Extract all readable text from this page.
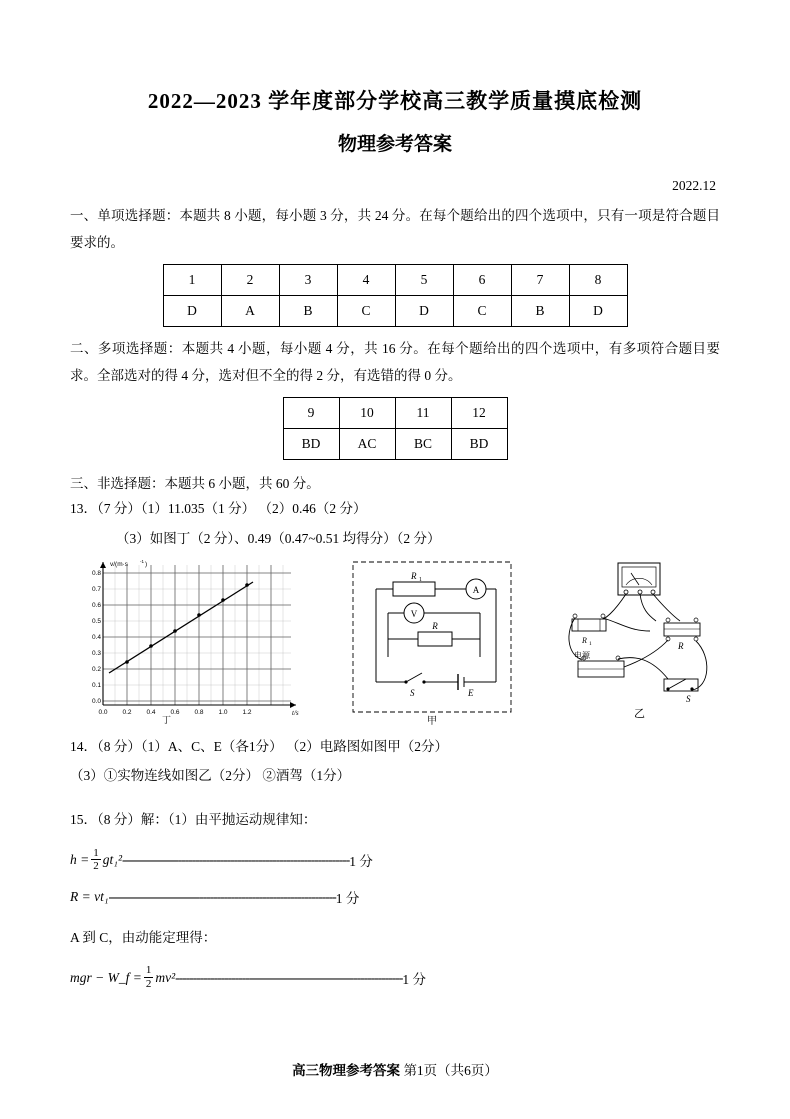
2022—2023 学年度部分学校高三教学质量摸底检测
物理参考答案
2022.12
一、单项选择题：本题共 8 小题，每小题 3 分，共 24 分。在每个题给出的四个选项中，只有一项是符合题目要求的。
1	2	3	4	5	6	7	8
D	A	B	C	D	C	B	D
二、多项选择题：本题共 4 小题，每小题 4 分，共 16 分。在每个题给出的四个选项中，有多项符合题目要求。全部选对的得 4 分，选对但不全的得 2 分，有选错的得 0 分。
9	10	11	12
BD	AC	BC	BD
三、非选择题：本题共 6 小题，共 60 分。
13．（7 分）（1）11.035（1 分） （2）0.46（2 分）
（3）如图丁（2 分）、0.49（0.47~0.51 均得分）（2 分）
0.8
0.7
0.6
0.5
0.4
0.3
0.2
0.1
0.0
0.0 0.2 0.4 0.6 0.8 1.0 1.2
v/(m·s	-1 )
t/s
丁
R 1
A
V
R
S	E
甲
R 1	R
电源
S
乙
14．（8 分）（1）A、C、E（各1分） （2）电路图如图甲（2分）
（3）①实物连线如图乙（2分） ②酒驾（1分）
15．（8 分）解：（1）由平抛运动规律知：
$h = \frac{1}{2} gt_1^2$ ----------------------------------------------------------------- 1 分
R = vt₁ ----------------------------------------------------------------- 1 分
A 到 C，由动能定理得：
mgr − W_f = $\frac{1}{2} mv^2$ ----------------------------------------------------------------- 1 分
高三物理参考答案 第1页（共6页）
